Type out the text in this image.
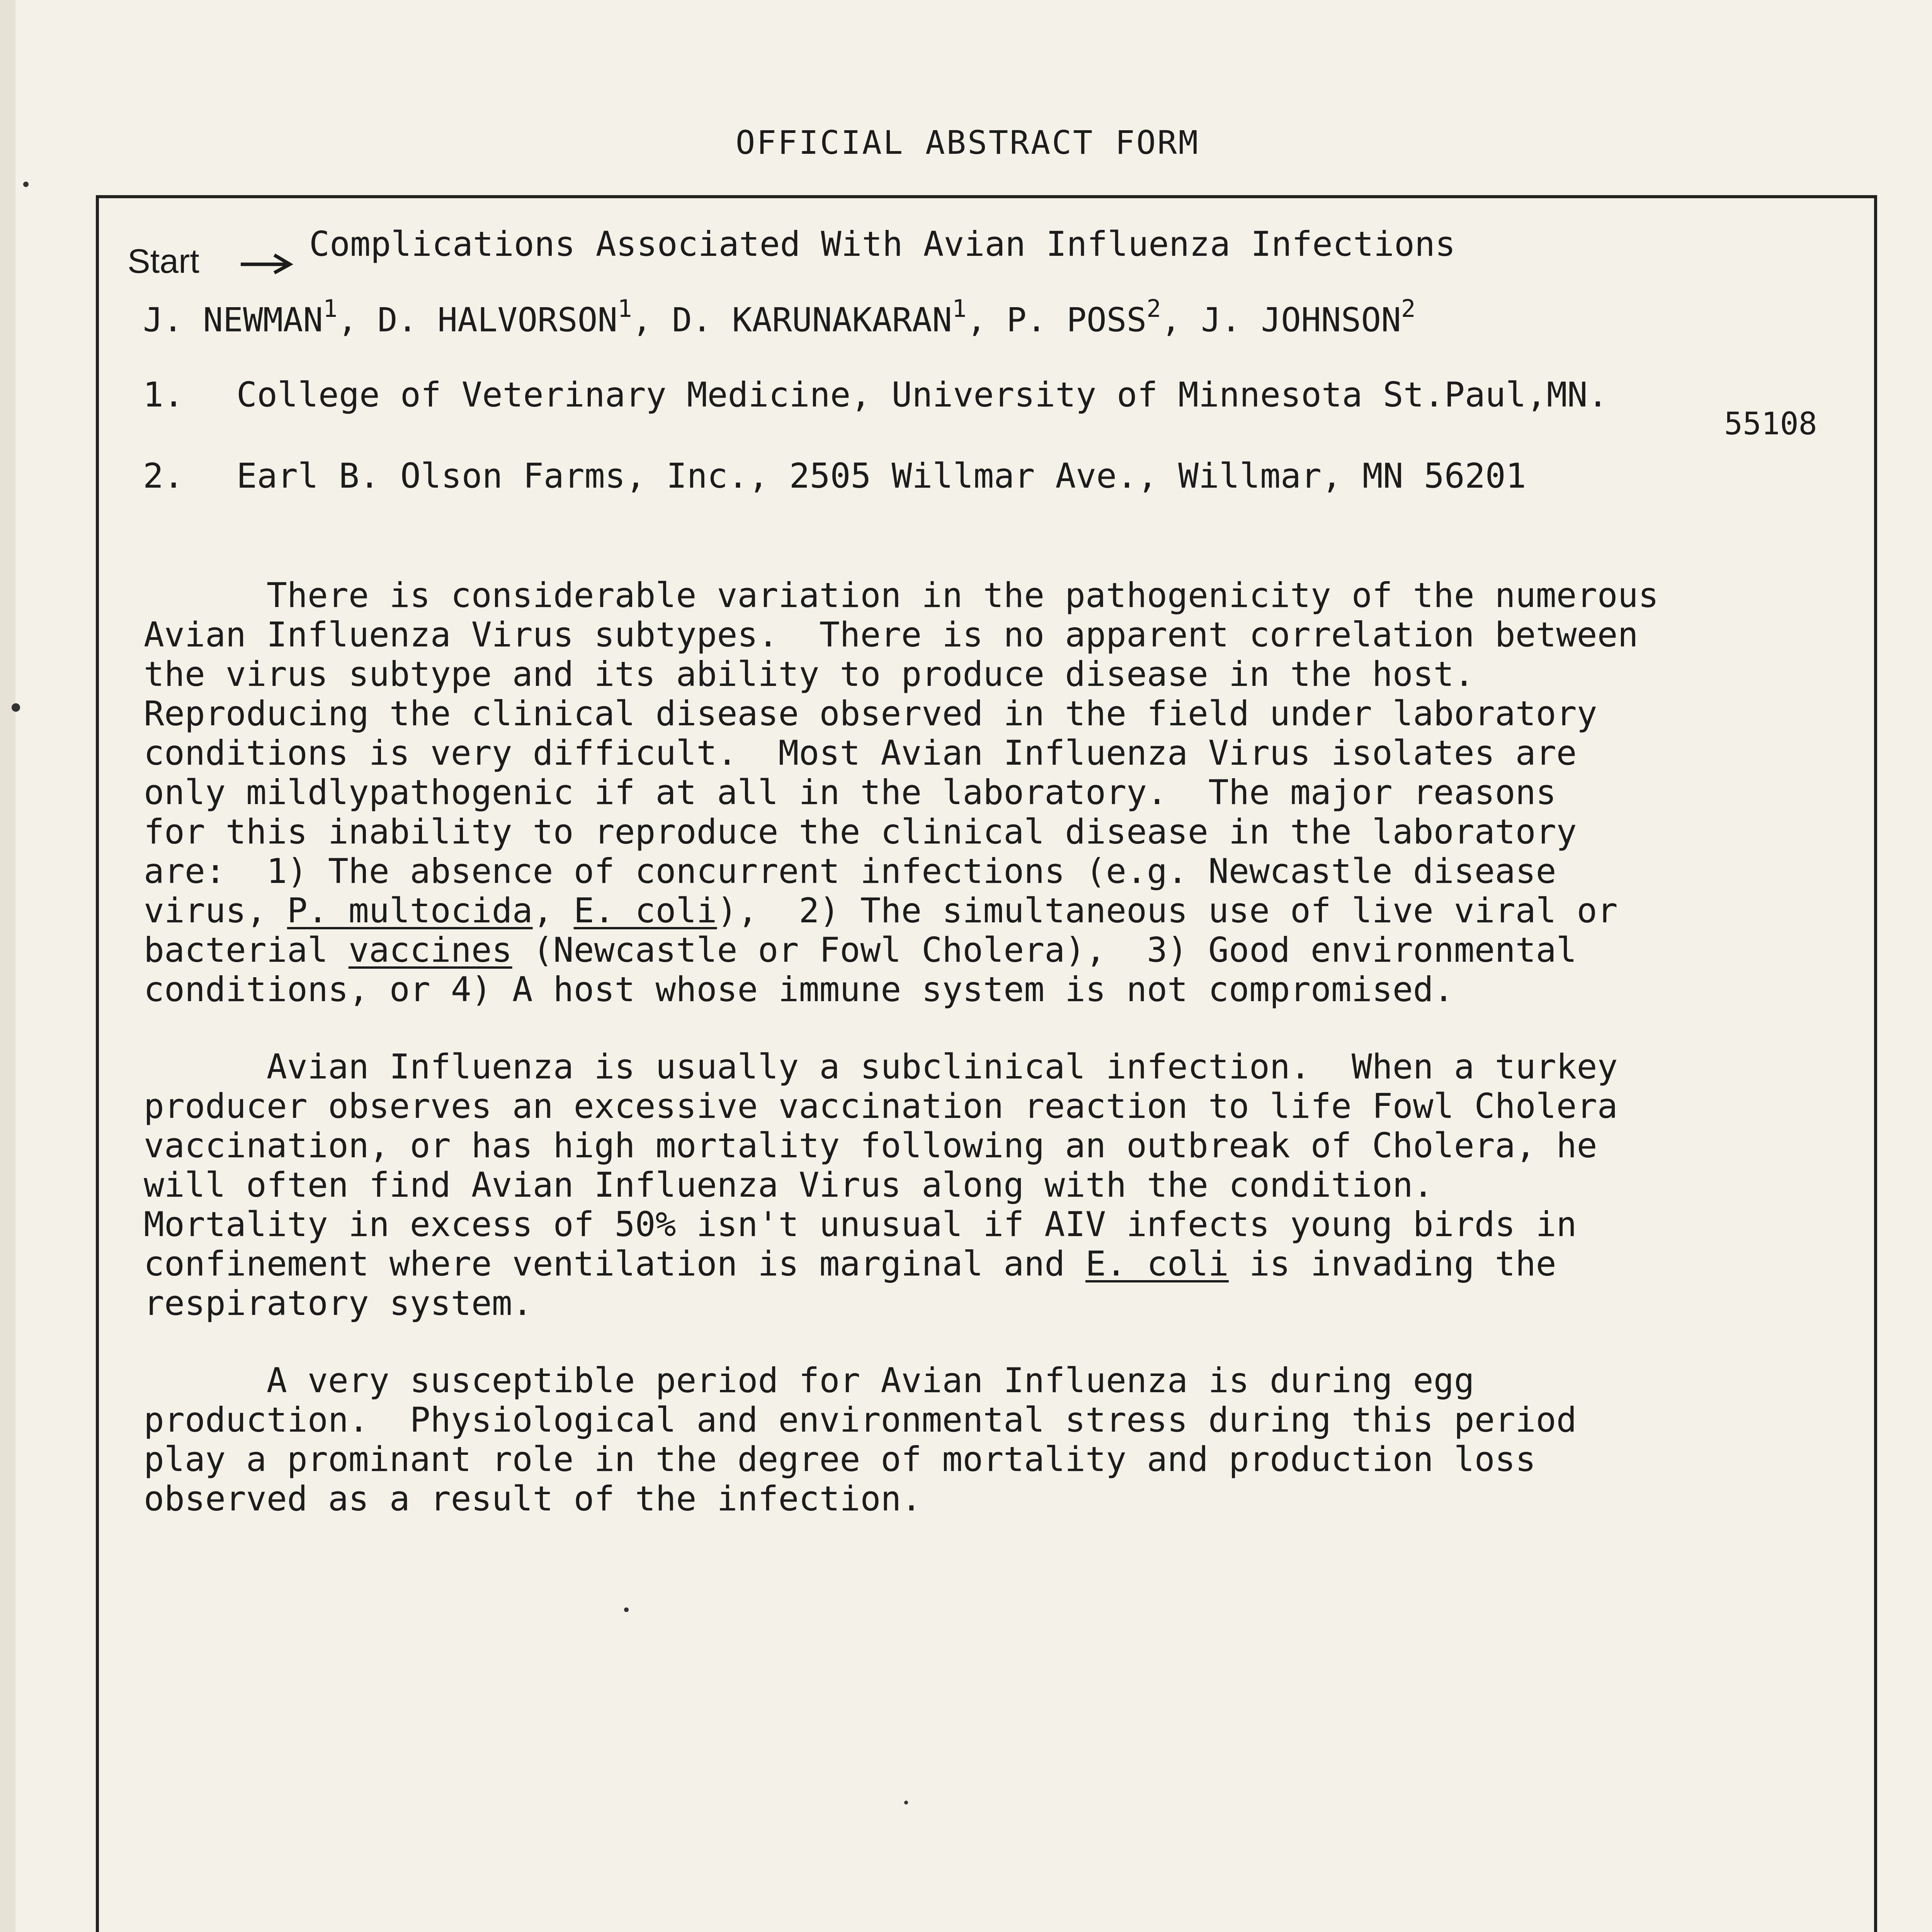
OFFICIAL ABSTRACT FORM
Start	Complications Associated With Avian Influenza Infections
J. NEWMAN$^1$, D. HALVORSON$^1$, D. KARUNAKARAN$^1$, P. POSS$^2$, J. JOHNSON$^2$
1. College of Veterinary Medicine, University of Minnesota St.Paul,MN.
55108
2. Earl B. Olson Farms, Inc., 2505 Willmar Ave., Willmar, MN 56201
There is considerable variation in the pathogenicity of the numerous
Avian Influenza Virus subtypes.  There is no apparent correlation between
the virus subtype and its ability to produce disease in the host.
Reproducing the clinical disease observed in the field under laboratory
conditions is very difficult.  Most Avian Influenza Virus isolates are
only mildlypathogenic if at all in the laboratory.  The major reasons
for this inability to reproduce the clinical disease in the laboratory
are:  1) The absence of concurrent infections (e.g. Newcastle disease
virus, P. multocida, E. coli),  2) The simultaneous use of live viral or
bacterial vaccines (Newcastle or Fowl Cholera),  3) Good environmental
conditions, or 4) A host whose immune system is not compromised.
Avian Influenza is usually a subclinical infection.  When a turkey
producer observes an excessive vaccination reaction to life Fowl Cholera
vaccination, or has high mortality following an outbreak of Cholera, he
will often find Avian Influenza Virus along with the condition.
Mortality in excess of 50% isn't unusual if AIV infects young birds in
confinement where ventilation is marginal and E. coli is invading the
respiratory system.
A very susceptible period for Avian Influenza is during egg
production.  Physiological and environmental stress during this period
play a prominant role in the degree of mortality and production loss
observed as a result of the infection.
